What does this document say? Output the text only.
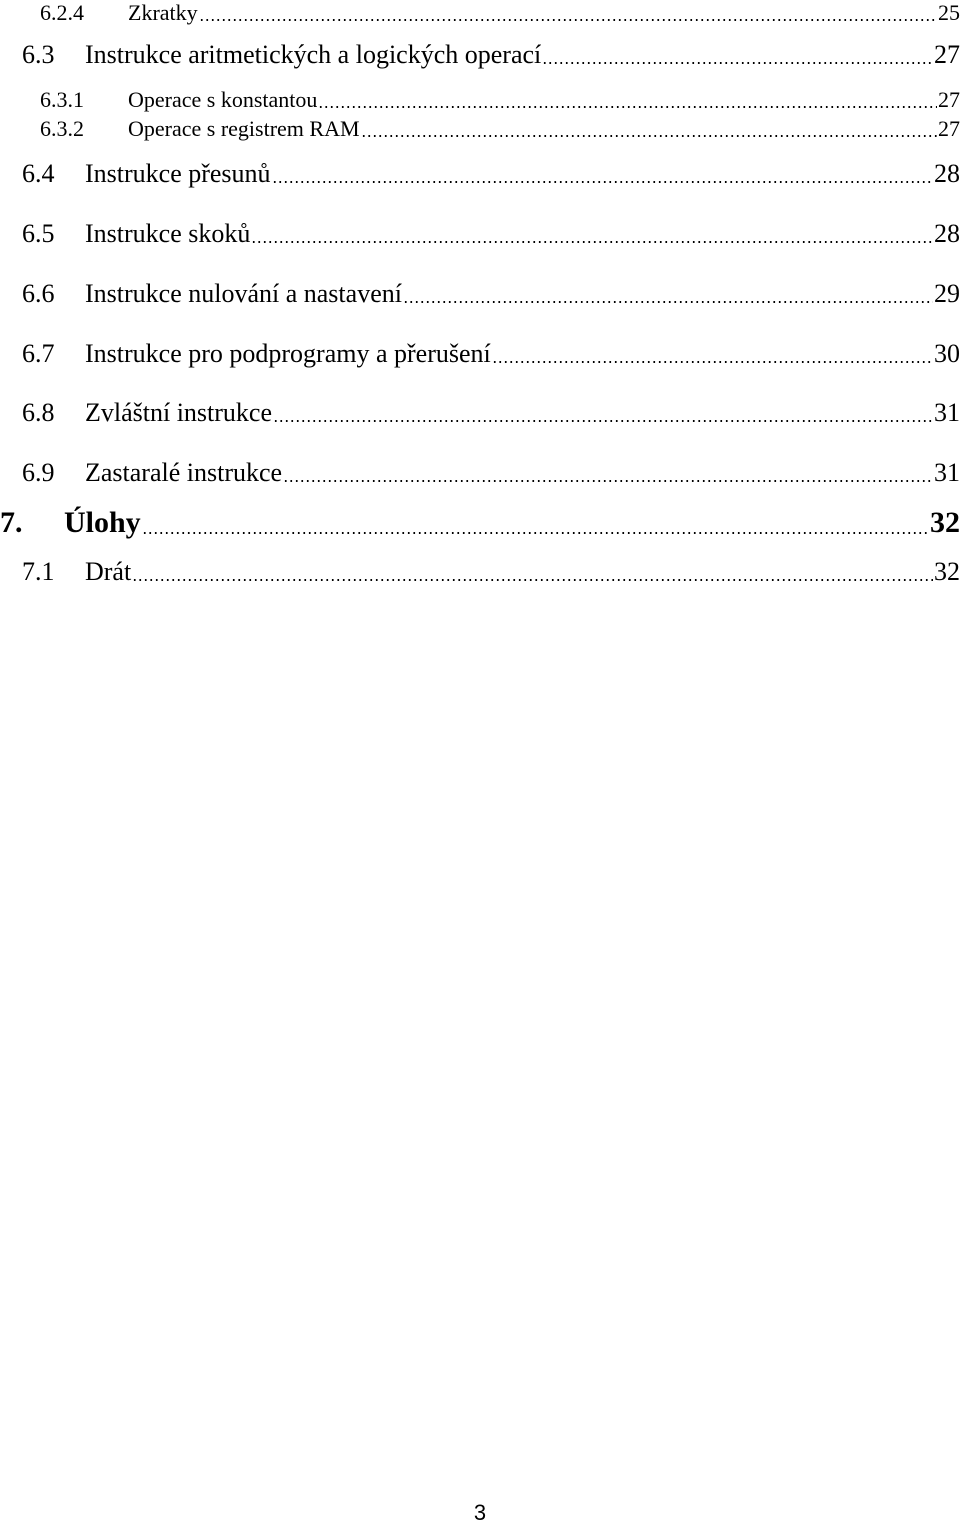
6.2.4 Zkratky	25
6.3 Instrukce aritmetických a logických operací	27
6.3.1 Operace s konstantou	27
6.3.2 Operace s registrem RAM	27
6.4 Instrukce přesunů	28
6.5 Instrukce skoků	28
6.6 Instrukce nulování a nastavení	29
6.7 Instrukce pro podprogramy a přerušení	30
6.8 Zvláštní instrukce	31
6.9 Zastaralé instrukce	31
7. Úlohy	32
7.1 Drát	32
3
